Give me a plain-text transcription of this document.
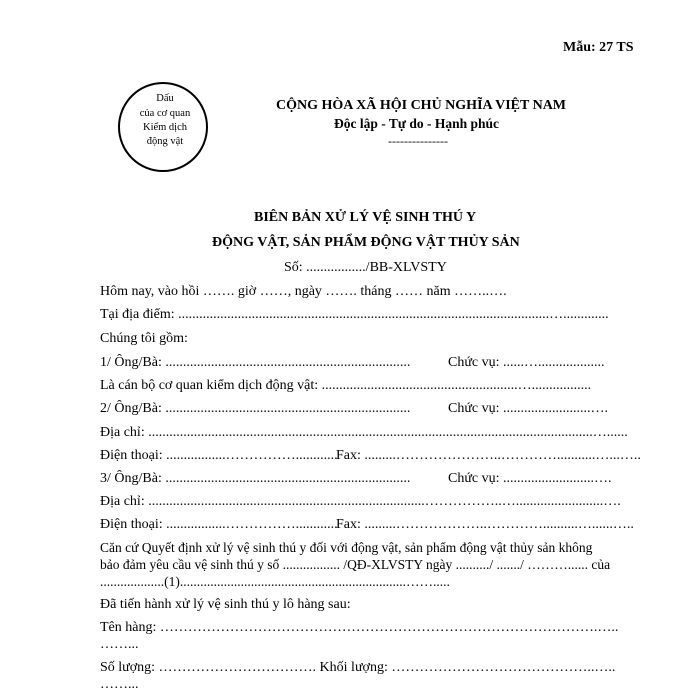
Mẫu: 27 TS
Dấu
của cơ quan
Kiểm dịch
động vật
CỘNG HÒA XÃ HỘI CHỦ NGHĨA VIỆT NAM
Độc lập - Tự do - Hạnh phúc
---------------
BIÊN BẢN XỬ LÝ VỆ SINH THÚ Y
ĐỘNG VẬT, SẢN PHẨM ĐỘNG VẬT THỦY SẢN
Số: ................./BB-XLVSTY
Hôm nay, vào hồi ……. giờ ……, ngày ……. tháng …… năm ……..….
Tại địa điểm: ..........................................................................................................….............
Chúng tôi gồm:
1/ Ông/Bà: ......................................................................	Chức vụ: ......…...................
Là cán bộ cơ quan kiểm dịch động vật: ........................................................….................
2/ Ông/Bà: ......................................................................	Chức vụ: .........................….
Địa chỉ: ...............................................................................................................................…......
Điện thoại: .................……………............
Fax: .........…………………..…………...........…...…..
3/ Ông/Bà: ......................................................................	Chức vụ: ..........................….
Địa chỉ: ...............................................................................……………..….........................….
Điện thoại: .................……………............
Fax: .........………………..…………..........…......…..
Căn cứ Quyết định xử lý vệ sinh thú y đối với động vật, sản phẩm động vật thủy sản không
bảo đảm yêu cầu vệ sinh thú y số ................. /QĐ-XLVSTY ngày ........../ ......./ ………...... của
...................(1)...................................................................…….....
Đã tiến hành xử lý vệ sinh thú y lô hàng sau:
Tên hàng: ………………………………………………………………………………….…..
……...
Số lượng: ……………………………. Khối lượng: ……………………………………..…..
……...
